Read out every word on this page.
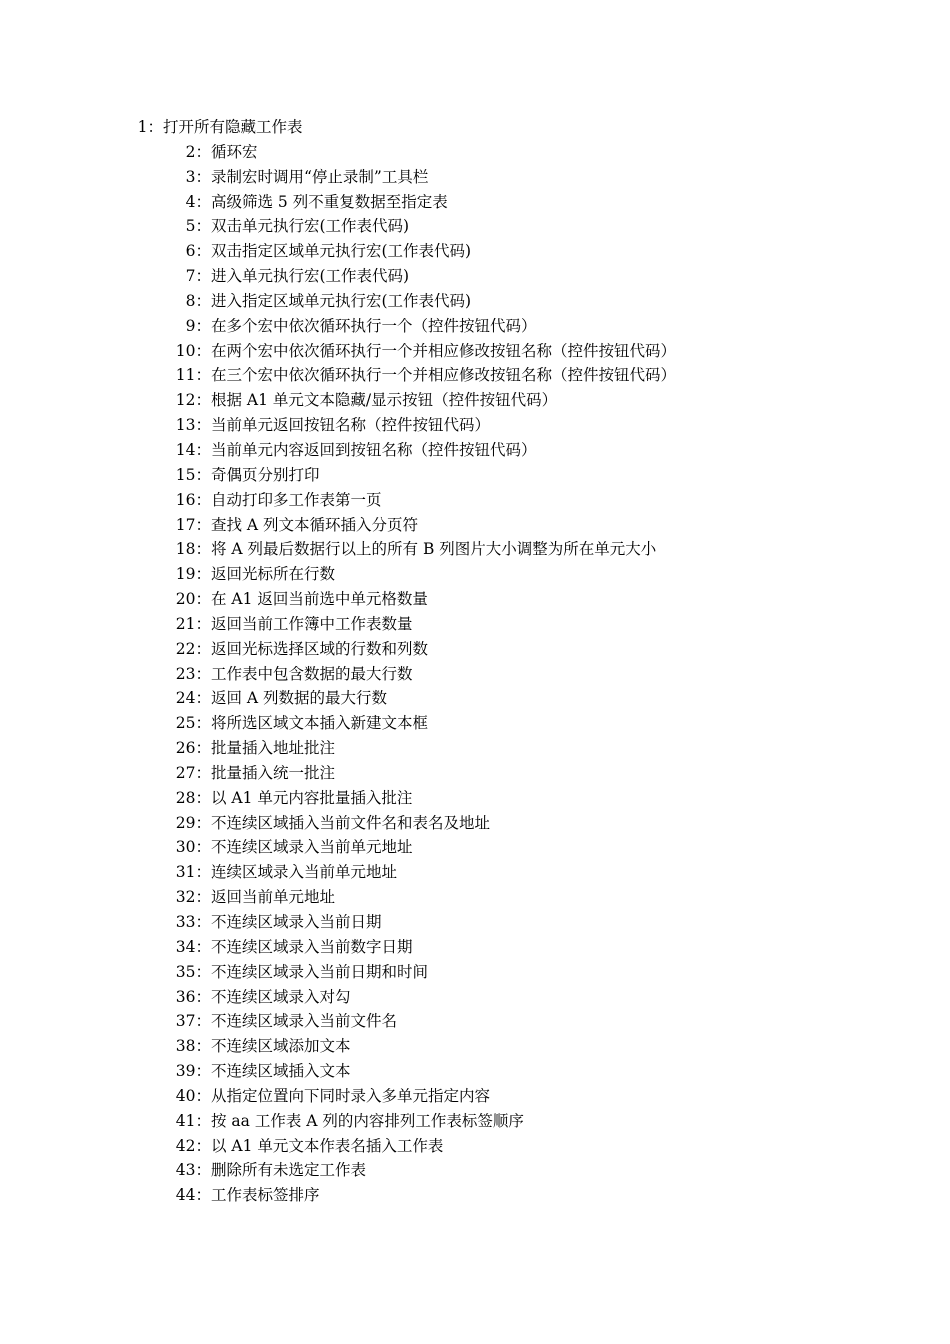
1： 打开所有隐藏工作表
2： 循环宏
3： 录制宏时调用“停止录制”工具栏
4： 高级筛选 5 列不重复数据至指定表
5： 双击单元执行宏(工作表代码)
6： 双击指定区域单元执行宏(工作表代码)
7： 进入单元执行宏(工作表代码)
8： 进入指定区域单元执行宏(工作表代码)
9： 在多个宏中依次循环执行一个（控件按钮代码）
10： 在两个宏中依次循环执行一个并相应修改按钮名称（控件按钮代码）
11： 在三个宏中依次循环执行一个并相应修改按钮名称（控件按钮代码）
12： 根据 A1 单元文本隐藏/显示按钮（控件按钮代码）
13： 当前单元返回按钮名称（控件按钮代码）
14： 当前单元内容返回到按钮名称（控件按钮代码）
15： 奇偶页分别打印
16： 自动打印多工作表第一页
17： 查找 A 列文本循环插入分页符
18： 将 A 列最后数据行以上的所有 B 列图片大小调整为所在单元大小
19： 返回光标所在行数
20： 在 A1 返回当前选中单元格数量
21： 返回当前工作簿中工作表数量
22： 返回光标选择区域的行数和列数
23： 工作表中包含数据的最大行数
24： 返回 A 列数据的最大行数
25： 将所选区域文本插入新建文本框
26： 批量插入地址批注
27： 批量插入统一批注
28： 以 A1 单元内容批量插入批注
29： 不连续区域插入当前文件名和表名及地址
30： 不连续区域录入当前单元地址
31： 连续区域录入当前单元地址
32： 返回当前单元地址
33： 不连续区域录入当前日期
34： 不连续区域录入当前数字日期
35： 不连续区域录入当前日期和时间
36： 不连续区域录入对勾
37： 不连续区域录入当前文件名
38： 不连续区域添加文本
39： 不连续区域插入文本
40： 从指定位置向下同时录入多单元指定内容
41： 按 aa 工作表 A 列的内容排列工作表标签顺序
42： 以 A1 单元文本作表名插入工作表
43： 删除所有未选定工作表
44： 工作表标签排序
